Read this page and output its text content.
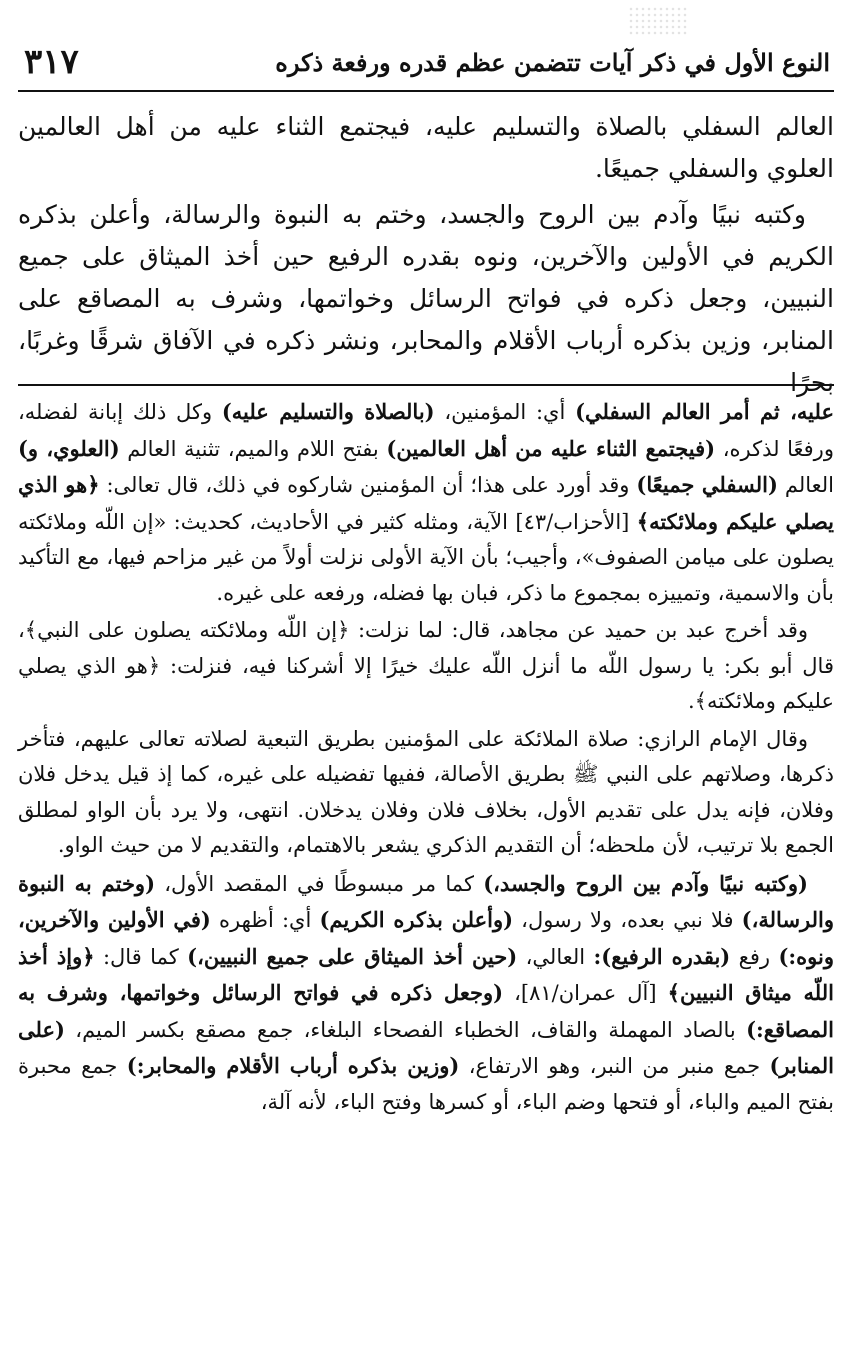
النوع الأول في ذكر آيات تتضمن عظم قدره ورفعة ذكره
٣١٧

العالم السفلي بالصلاة والتسليم عليه، فيجتمع الثناء عليه من أهل العالمين العلوي والسفلي جميعًا.

وكتبه نبيًا وآدم بين الروح والجسد، وختم به النبوة والرسالة، وأعلن بذكره الكريم في الأولين والآخرين، ونوه بقدره الرفيع حين أخذ الميثاق على جميع النبيين، وجعل ذكره في فواتح الرسائل وخواتمها، وشرف به المصاقع على المنابر، وزين بذكره أرباب الأقلام والمحابر، ونشر ذكره في الآفاق شرقًا وغربًا، بحرًا

عليه، ثم أمر العالم السفلي) أي: المؤمنين، (بالصلاة والتسليم عليه) وكل ذلك إبانة لفضله، ورفعًا لذكره، (فيجتمع الثناء عليه من أهل العالمين) بفتح اللام والميم، تثنية العالم (العلوي، و) العالم (السفلي جميعًا) وقد أورد على هذا؛ أن المؤمنين شاركوه في ذلك، قال تعالى: ﴿هو الذي يصلي عليكم وملائكته﴾ [الأحزاب/٤٣] الآية، ومثله كثير في الأحاديث، كحديث: «إن اللّه وملائكته يصلون على ميامن الصفوف»، وأجيب؛ بأن الآية الأولى نزلت أولاً من غير مزاحم فيها، مع التأكيد بأن والاسمية، وتمييزه بمجموع ما ذكر، فبان بها فضله، ورفعه على غيره.

وقد أخرج عبد بن حميد عن مجاهد، قال: لما نزلت: ﴿إن اللّه وملائكته يصلون على النبي﴾، قال أبو بكر: يا رسول اللّه ما أنزل اللّه عليك خيرًا إلا أشركنا فيه، فنزلت: ﴿هو الذي يصلي عليكم وملائكته﴾.

وقال الإمام الرازي: صلاة الملائكة على المؤمنين بطريق التبعية لصلاته تعالى عليهم، فتأخر ذكرها، وصلاتهم على النبي ﷺ بطريق الأصالة، ففيها تفضيله على غيره، كما إذ قيل يدخل فلان وفلان، فإنه يدل على تقديم الأول، بخلاف فلان وفلان يدخلان. انتهى، ولا يرد بأن الواو لمطلق الجمع بلا ترتيب، لأن ملحظه؛ أن التقديم الذكري يشعر بالاهتمام، والتقديم لا من حيث الواو.

(وكتبه نبيًا وآدم بين الروح والجسد،) كما مر مبسوطًا في المقصد الأول، (وختم به النبوة والرسالة،) فلا نبي بعده، ولا رسول، (وأعلن بذكره الكريم) أي: أظهره (في الأولين والآخرين، ونوه:) رفع (بقدره الرفيع): العالي، (حين أخذ الميثاق على جميع النبيين،) كما قال: ﴿وإذ أخذ اللّه ميثاق النبيين﴾ [آل عمران/٨١]، (وجعل ذكره في فواتح الرسائل وخواتمها، وشرف به المصاقع:) بالصاد المهملة والقاف، الخطباء الفصحاء البلغاء، جمع مصقع بكسر الميم، (على المنابر) جمع منبر من النبر، وهو الارتفاع، (وزين بذكره أرباب الأقلام والمحابر:) جمع محبرة بفتح الميم والباء، أو فتحها وضم الباء، أو كسرها وفتح الباء، لأنه آلة،
